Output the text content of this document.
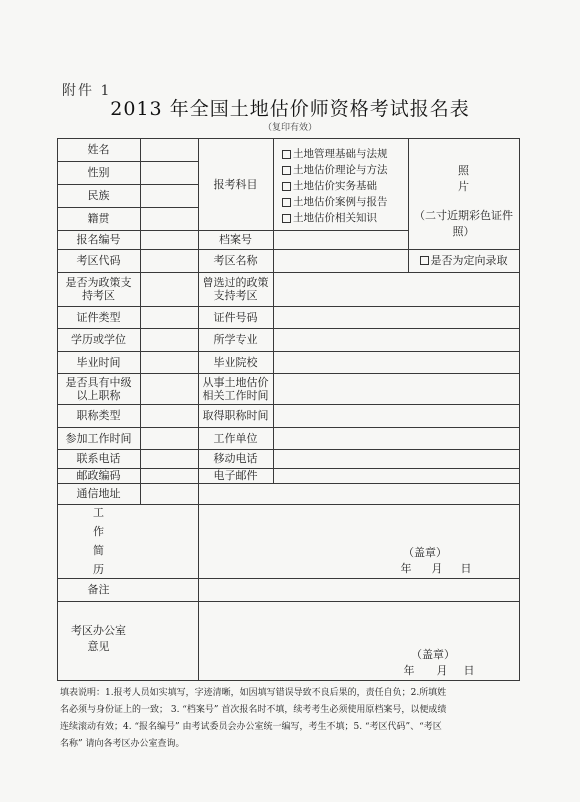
附件 1
2013 年全国土地估价师资格考试报名表
（复印有效）
姓名
性别
民族
籍贯
报名编号
考区代码
是否为政策支持考区
证件类型
学历或学位
毕业时间
是否具有中级以上职称
职称类型
参加工作时间
联系电话
邮政编码
通信地址
工
作
简
历
（盖章）
年 月 日
备注
考区办公室
意见
（盖章）
年 月 日
报考科目
档案号
考区名称
曾选过的政策支持考区
证件号码
所学专业
毕业院校
从事土地估价相关工作时间
取得职称时间
工作单位
移动电话
电子邮件
土地管理基础与法规
土地估价理论与方法
土地估价实务基础
土地估价案例与报告
土地估价相关知识
照
片
（二寸近期彩色证件照）
是否为定向录取
填表说明：1.报考人员如实填写，字迹清晰，如因填写错误导致不良后果的，责任自负；2.所填姓
名必须与身份证上的一致； 3. “档案号” 首次报名时不填，续考考生必须使用原档案号，以便成绩
连续滚动有效；4. “报名编号” 由考试委员会办公室统一编写，考生不填；5. “考区代码”、“考区
名称” 请向各考区办公室查询。
